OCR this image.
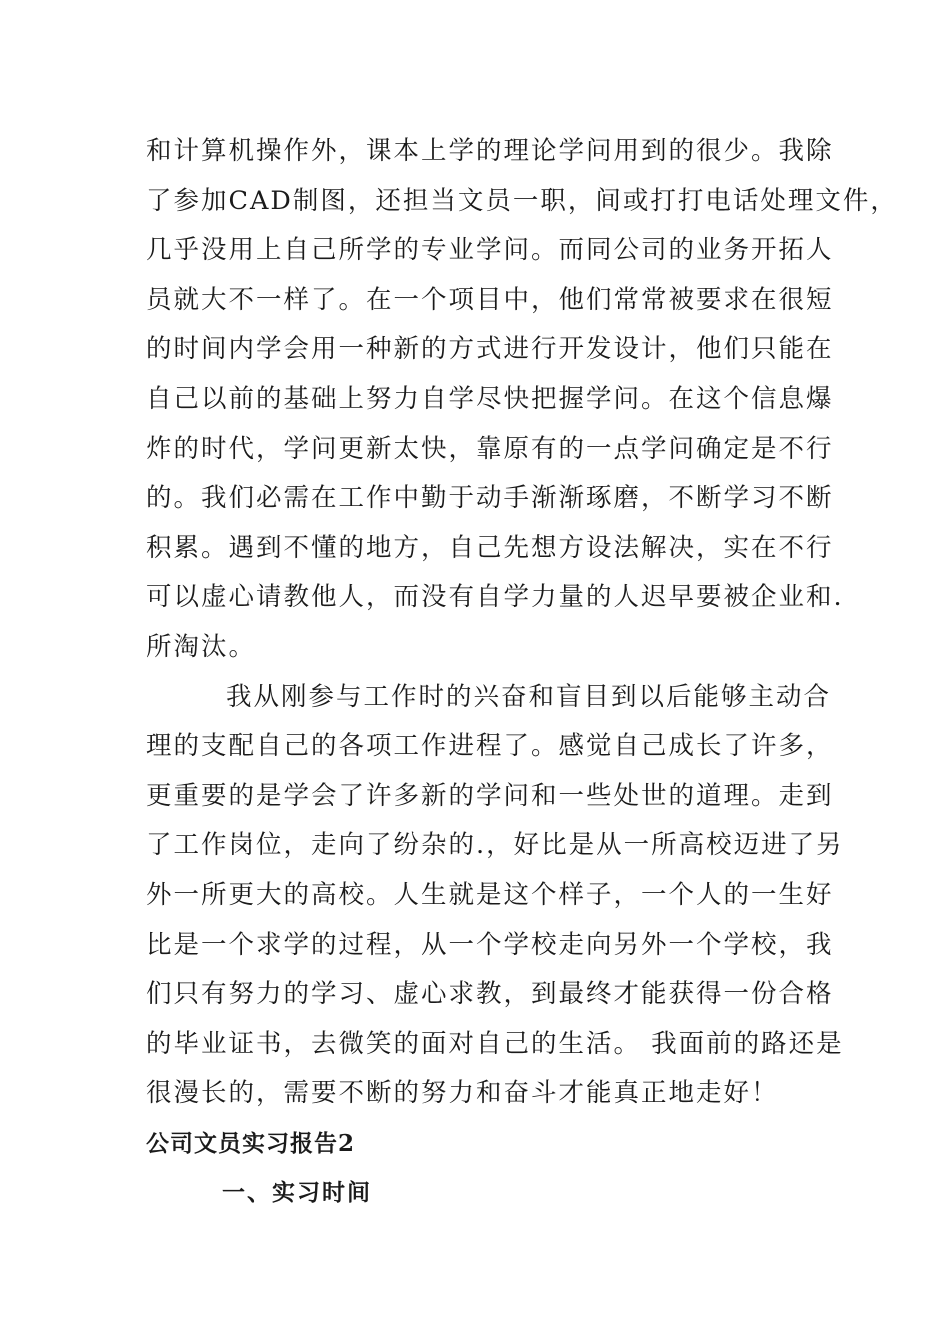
和计算机操作外，课本上学的理论学问用到的很少。我除
了参加CAD制图，还担当文员一职，间或打打电话处理文件，
几乎没用上自己所学的专业学问。而同公司的业务开拓人
员就大不一样了。在一个项目中，他们常常被要求在很短
的时间内学会用一种新的方式进行开发设计，他们只能在
自己以前的基础上努力自学尽快把握学问。在这个信息爆
炸的时代，学问更新太快，靠原有的一点学问确定是不行
的。我们必需在工作中勤于动手渐渐琢磨，不断学习不断
积累。遇到不懂的地方，自己先想方设法解决，实在不行
可以虚心请教他人，而没有自学力量的人迟早要被企业和.
所淘汰。

我从刚参与工作时的兴奋和盲目到以后能够主动合
理的支配自己的各项工作进程了。感觉自己成长了许多，
更重要的是学会了许多新的学问和一些处世的道理。走到
了工作岗位，走向了纷杂的.，好比是从一所高校迈进了另
外一所更大的高校。人生就是这个样子，一个人的一生好
比是一个求学的过程，从一个学校走向另外一个学校，我
们只有努力的学习、虚心求教，到最终才能获得一份合格
的毕业证书，去微笑的面对自己的生活。 我面前的路还是
很漫长的，需要不断的努力和奋斗才能真正地走好！

公司文员实习报告2
一、实习时间
